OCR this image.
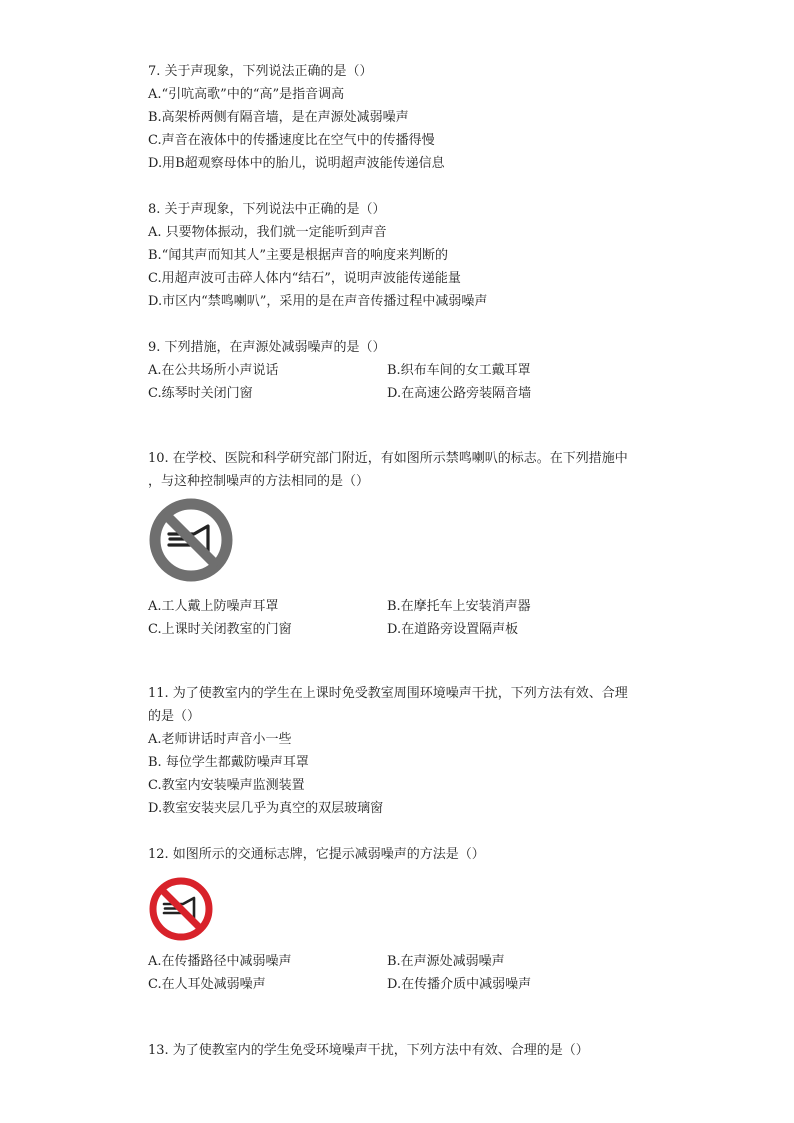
7. 关于声现象，下列说法正确的是（）
A.“引吭高歌”中的“高”是指音调高
B.高架桥两侧有隔音墙，是在声源处减弱噪声
C.声音在液体中的传播速度比在空气中的传播得慢
D.用B超观察母体中的胎儿，说明超声波能传递信息
8. 关于声现象，下列说法中正确的是（）
A. 只要物体振动，我们就一定能听到声音
B.“闻其声而知其人”主要是根据声音的响度来判断的
C.用超声波可击碎人体内“结石”，说明声波能传递能量
D.市区内“禁鸣喇叭”，采用的是在声音传播过程中减弱噪声
9. 下列措施，在声源处减弱噪声的是（）
A.在公共场所小声说话	B.织布车间的女工戴耳罩
C.练琴时关闭门窗	D.在高速公路旁装隔音墙
10. 在学校、医院和科学研究部门附近，有如图所示禁鸣喇叭的标志。在下列措施中
，与这种控制噪声的方法相同的是（）
A.工人戴上防噪声耳罩	B.在摩托车上安装消声器
C.上课时关闭教室的门窗	D.在道路旁设置隔声板
11. 为了使教室内的学生在上课时免受教室周围环境噪声干扰，下列方法有效、合理
的是（）
A.老师讲话时声音小一些
B. 每位学生都戴防噪声耳罩
C.教室内安装噪声监测装置
D.教室安装夹层几乎为真空的双层玻璃窗
12. 如图所示的交通标志牌，它提示减弱噪声的方法是（）
A.在传播路径中减弱噪声	B.在声源处减弱噪声
C.在人耳处减弱噪声	D.在传播介质中减弱噪声
13. 为了使教室内的学生免受环境噪声干扰，下列方法中有效、合理的是（）
